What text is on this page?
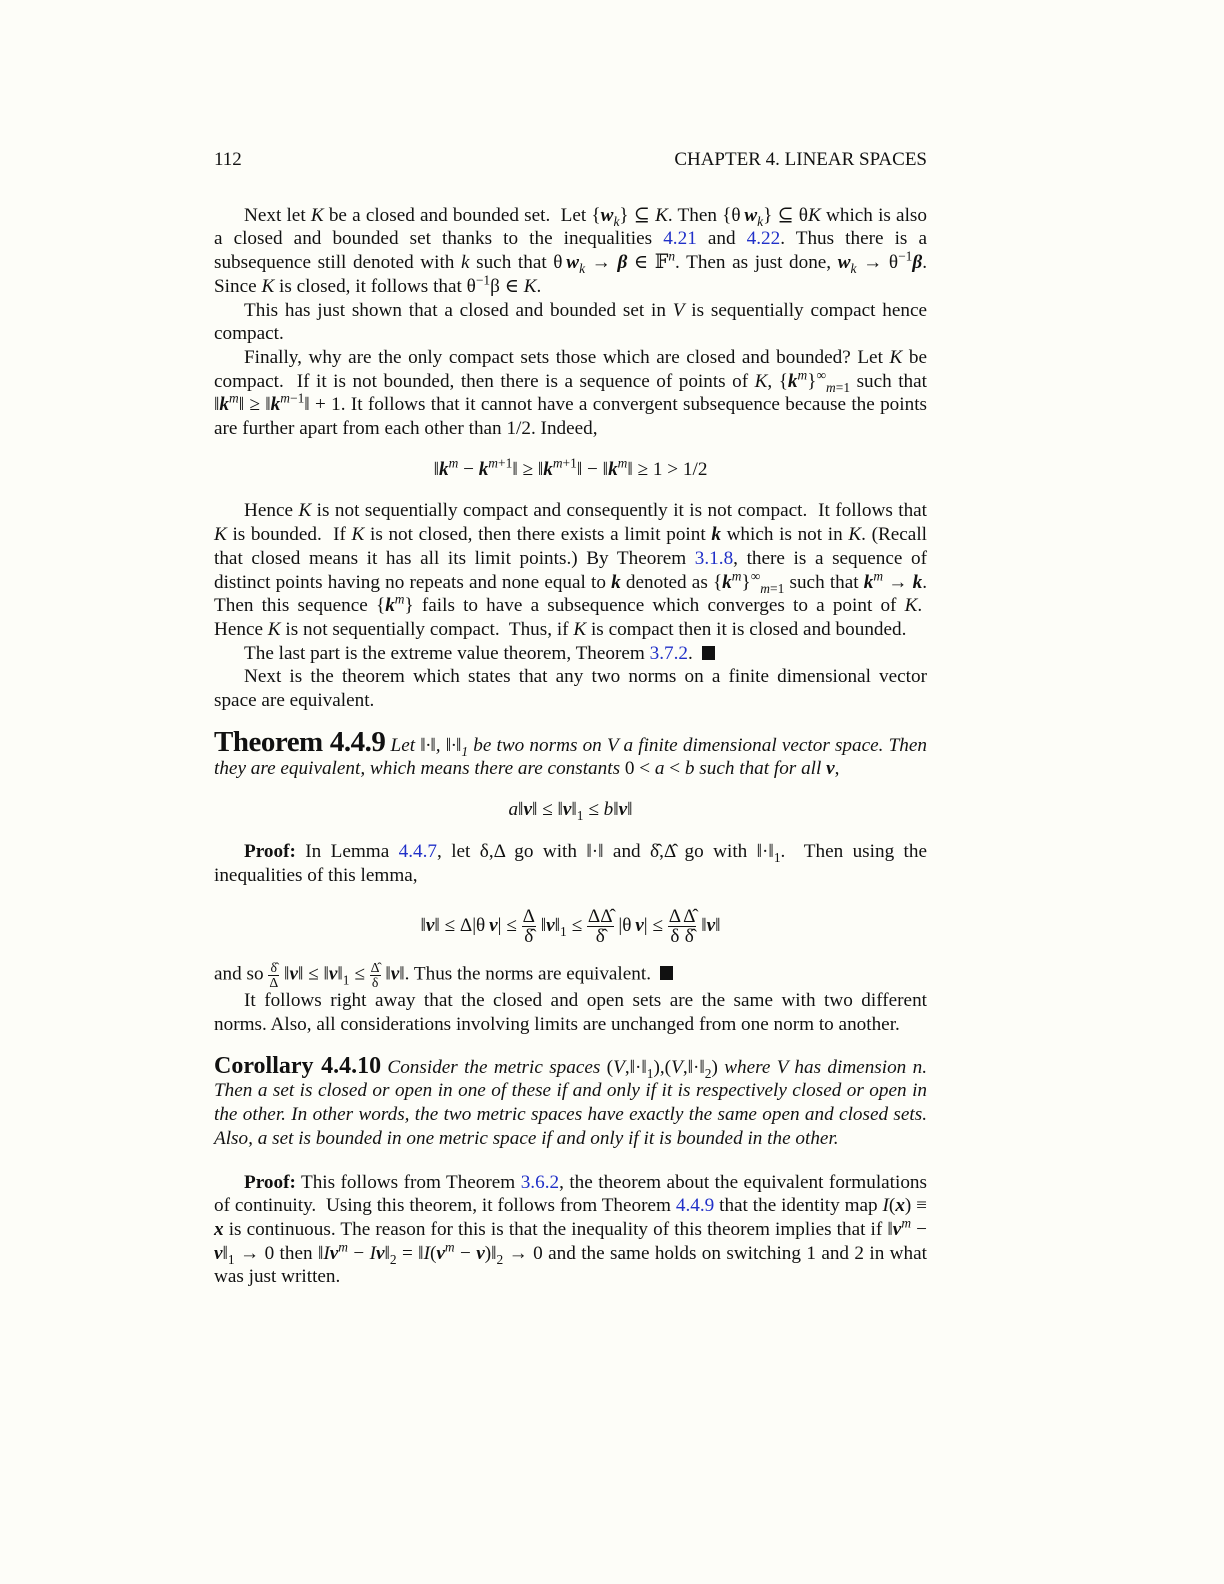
112	CHAPTER 4. LINEAR SPACES

Next let K be a closed and bounded set.  Let $\{w_k\}$ ⊆ K. Then {θ $w_k$} ⊆ θK which is also a closed and bounded set thanks to the inequalities 4.21 and 4.22. Thus there is a subsequence still denoted with k such that θ $w_k \to \beta$ ∈ 𝔽$^n$. Then as just done, $w_k \to \theta^{-1}\beta$. Since K is closed, it follows that $\theta^{-1}\beta$ ∈ K.

This has just shown that a closed and bounded set in V is sequentially compact hence compact.

Finally, why are the only compact sets those which are closed and bounded? Let K be compact.  If it is not bounded, then there is a sequence of points of K, $\{k^m\}^\infty_{m=1}$ such that $‖k^m‖$ ≥ $‖k^{m-1}‖ + 1$. It follows that it cannot have a convergent subsequence because the points are further apart from each other than 1/2. Indeed,

$‖k^m$ − $k^{m+1}‖$ ≥ $‖k^{m+1}‖$ − $‖k^m‖ \ge 1 > 1/2$

Hence K is not sequentially compact and consequently it is not compact.  It follows that K is bounded.  If K is not closed, then there exists a limit point k which is not in K. (Recall that closed means it has all its limit points.) By Theorem 3.1.8, there is a sequence of distinct points having no repeats and none equal to k denoted as $\{k^m\}^\infty_{m=1}$ such that $k^m \to k$. Then this sequence $\{k^m\}$ fails to have a subsequence which converges to a point of K.  Hence K is not sequentially compact.  Thus, if K is compact then it is closed and bounded.

The last part is the extreme value theorem, Theorem 3.7.2.

Next is the theorem which states that any two norms on a finite dimensional vector space are equivalent.

Theorem 4.4.9 Let ‖·‖, $‖\cdot‖_1$ be two norms on V a finite dimensional vector space. Then they are equivalent, which means there are constants 0 < a < b such that for all v,

a‖v‖ ≤ $‖v‖_1$ ≤ b‖v‖

Proof: In Lemma 4.4.7, let δ,Δ go with ‖·‖ and δ̂,Δ̂ go with $‖\cdot‖_1$.  Then using the inequalities of this lemma,

‖v‖ ≤ Δ|θ $v| \le \frac{\Delta}{\deltâ}$ $‖v‖_1 \le \frac{\Delta\Deltâ}{\deltâ} |\theta$ $v| \le \frac{\Delta}{\delta} \frac{\Deltâ}{\deltâ}$ ‖v‖

and so $\frac{\deltâ}{\Delta}$ ‖v‖ ≤ $‖v‖_1 \le \frac{\Deltâ}{\delta}$ ‖v‖. Thus the norms are equivalent.

It follows right away that the closed and open sets are the same with two different norms. Also, all considerations involving limits are unchanged from one norm to another.

Corollary 4.4.10 Consider the metric spaces $(V,‖\cdot‖_1),(V,‖\cdot‖_2)$ where V has dimension n. Then a set is closed or open in one of these if and only if it is respectively closed or open in the other. In other words, the two metric spaces have exactly the same open and closed sets. Also, a set is bounded in one metric space if and only if it is bounded in the other.

Proof: This follows from Theorem 3.6.2, the theorem about the equivalent formulations of continuity.  Using this theorem, it follows from Theorem 4.4.9 that the identity map I(x) ≡ x is continuous. The reason for this is that the inequality of this theorem implies that if $‖v^m$ − $v‖_1 \to 0$ then $‖Iv^m$ − $Iv‖_2$ = $‖I(v^m$ − $v)‖_2 \to 0$ and the same holds on switching 1 and 2 in what was just written.
